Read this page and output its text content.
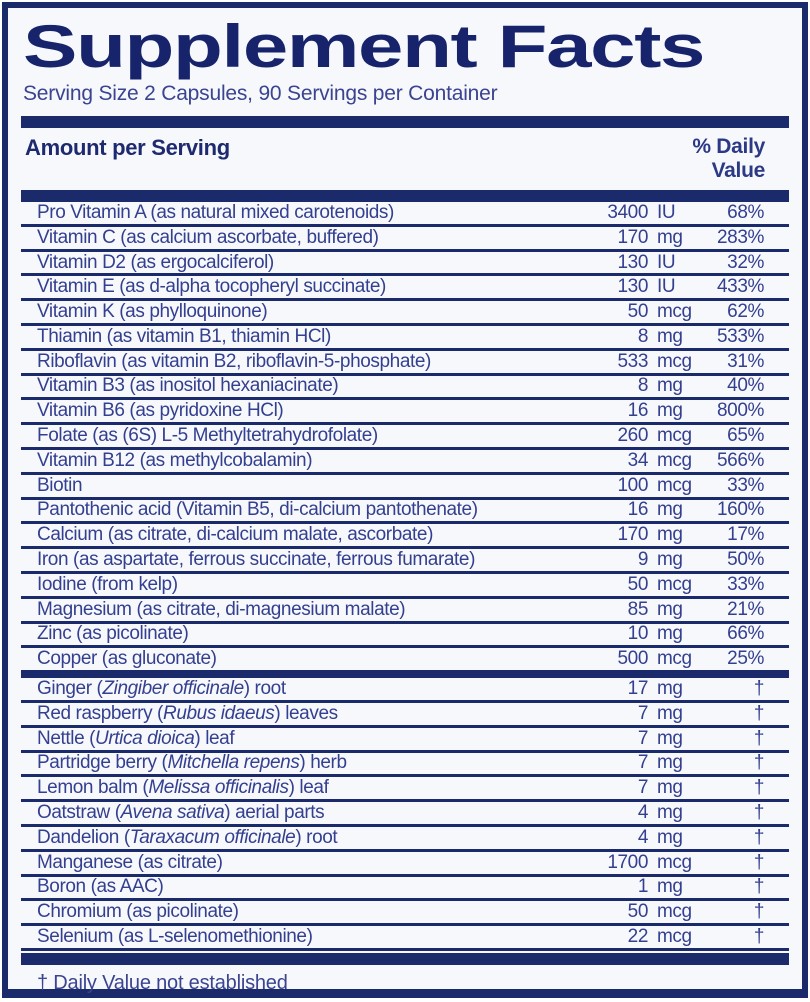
Supplement Facts
Serving Size 2 Capsules, 90 Servings per Container
Amount per Serving	% Daily
Value
Pro Vitamin A (as natural mixed carotenoids)	3400 IU	68%
Vitamin C (as calcium ascorbate, buffered)	170 mg	283%
Vitamin D2 (as ergocalciferol)	130 IU	32%
Vitamin E (as d-alpha tocopheryl succinate)	130 IU	433%
Vitamin K (as phylloquinone)	50 mcg	62%
Thiamin (as vitamin B1, thiamin HCl)	8 mg	533%
Riboflavin (as vitamin B2, riboflavin-5-phosphate)	533 mcg	31%
Vitamin B3 (as inositol hexaniacinate)	8 mg	40%
Vitamin B6 (as pyridoxine HCl)	16 mg	800%
Folate (as (6S) L-5 Methyltetrahydrofolate)	260 mcg	65%
Vitamin B12 (as methylcobalamin)	34 mcg	566%
Biotin	100 mcg	33%
Pantothenic acid (Vitamin B5, di-calcium pantothenate)	16 mg	160%
Calcium (as citrate, di-calcium malate, ascorbate)	170 mg	17%
Iron (as aspartate, ferrous succinate, ferrous fumarate)	9 mg	50%
Iodine (from kelp)	50 mcg	33%
Magnesium (as citrate, di-magnesium malate)	85 mg	21%
Zinc (as picolinate)	10 mg	66%
Copper (as gluconate)	500 mcg	25%
Ginger (Zingiber officinale) root	17 mg	†
Red raspberry (Rubus idaeus) leaves	7 mg	†
Nettle (Urtica dioica) leaf	7 mg	†
Partridge berry (Mitchella repens) herb	7 mg	†
Lemon balm (Melissa officinalis) leaf	7 mg	†
Oatstraw (Avena sativa) aerial parts	4 mg	†
Dandelion (Taraxacum officinale) root	4 mg	†
Manganese (as citrate)	1700 mcg	†
Boron (as AAC)	1 mg	†
Chromium (as picolinate)	50 mcg	†
Selenium (as L-selenomethionine)	22 mcg	†
† Daily Value not established
